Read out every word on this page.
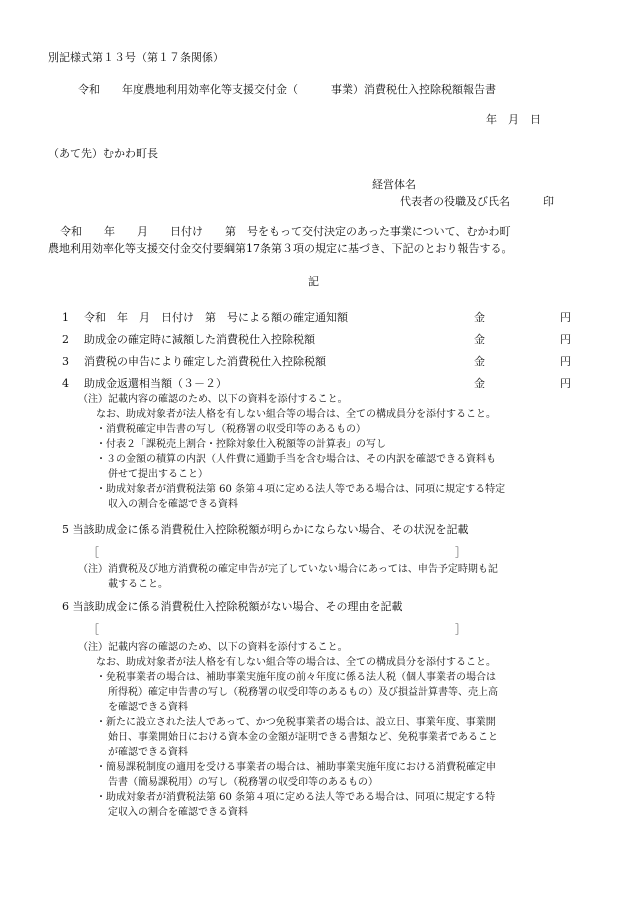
別記様式第１３号（第１７条関係）
令和　　年度農地利用効率化等支援交付金（　　　事業）消費税仕入控除税額報告書
年　月　日
（あて先）むかわ町長
経営体名
代表者の役職及び氏名　　　印
令和　　年　　月　　日付け　　第　号をもって交付決定のあった事業について、むかわ町
農地利用効率化等支援交付金交付要綱第17条第３項の規定に基づき、下記のとおり報告する。
記
1 令和　年　月　日付け　第　号による額の確定通知額	金	円
2 助成金の確定時に減額した消費税仕入控除税額	金	円
3 消費税の申告により確定した消費税仕入控除税額	金	円
4 助成金返還相当額（３－２）	金	円
（注）記載内容の確認のため、以下の資料を添付すること。
なお、助成対象者が法人格を有しない組合等の場合は、全ての構成員分を添付すること。
・消費税確定申告書の写し（税務署の収受印等のあるもの）
・付表２「課税売上割合・控除対象仕入税額等の計算表」の写し
・３の金額の積算の内訳（人件費に通勤手当を含む場合は、その内訳を確認できる資料も
併せて提出すること）
・助成対象者が消費税法第 60 条第４項に定める法人等である場合は、同項に規定する特定
収入の割合を確認できる資料
5 当該助成金に係る消費税仕入控除税額が明らかにならない場合、その状況を記載
［	］
（注）消費税及び地方消費税の確定申告が完了していない場合にあっては、申告予定時期も記
載すること。
6 当該助成金に係る消費税仕入控除税額がない場合、その理由を記載
［	］
（注）記載内容の確認のため、以下の資料を添付すること。
なお、助成対象者が法人格を有しない組合等の場合は、全ての構成員分を添付すること。
・免税事業者の場合は、補助事業実施年度の前々年度に係る法人税（個人事業者の場合は
所得税）確定申告書の写し（税務署の収受印等のあるもの）及び損益計算書等、売上高
を確認できる資料
・新たに設立された法人であって、かつ免税事業者の場合は、設立日、事業年度、事業開
始日、事業開始日における資本金の金額が証明できる書類など、免税事業者であること
が確認できる資料
・簡易課税制度の適用を受ける事業者の場合は、補助事業実施年度における消費税確定申
告書（簡易課税用）の写し（税務署の収受印等のあるもの）
・助成対象者が消費税法第 60 条第４項に定める法人等である場合は、同項に規定する特
定収入の割合を確認できる資料
